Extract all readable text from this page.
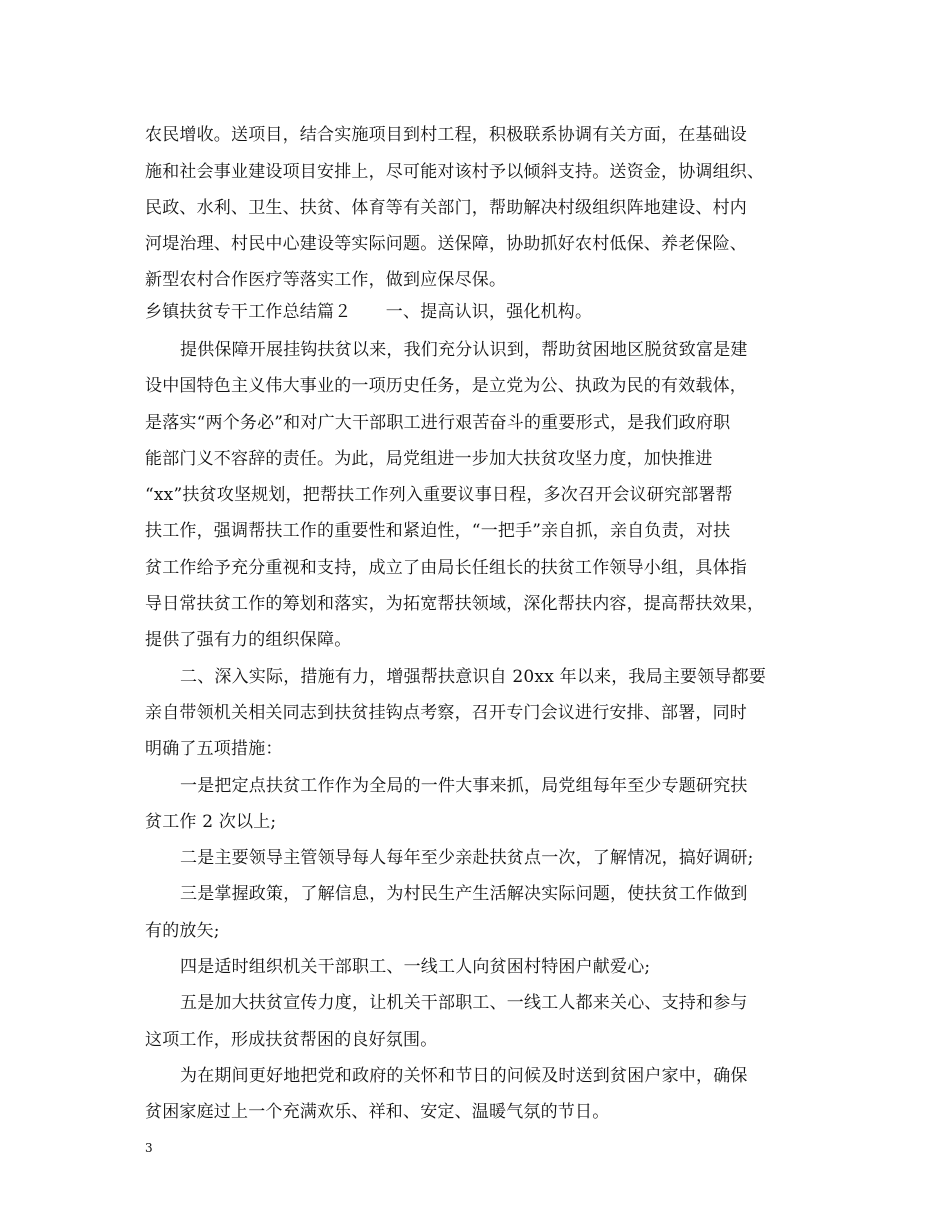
农民增收。送项目，结合实施项目到村工程，积极联系协调有关方面，在基础设
施和社会事业建设项目安排上，尽可能对该村予以倾斜支持。送资金，协调组织、
民政、水利、卫生、扶贫、体育等有关部门，帮助解决村级组织阵地建设、村内
河堤治理、村民中心建设等实际问题。送保障，协助抓好农村低保、养老保险、
新型农村合作医疗等落实工作，做到应保尽保。
乡镇扶贫专干工作总结篇２　　一、提高认识，强化机构。
提供保障开展挂钩扶贫以来，我们充分认识到，帮助贫困地区脱贫致富是建
设中国特色主义伟大事业的一项历史任务，是立党为公、执政为民的有效载体，
是落实“两个务必”和对广大干部职工进行艰苦奋斗的重要形式，是我们政府职
能部门义不容辞的责任。为此，局党组进一步加大扶贫攻坚力度，加快推进
“xx”扶贫攻坚规划，把帮扶工作列入重要议事日程，多次召开会议研究部署帮
扶工作，强调帮扶工作的重要性和紧迫性，“一把手”亲自抓，亲自负责，对扶
贫工作给予充分重视和支持，成立了由局长任组长的扶贫工作领导小组，具体指
导日常扶贫工作的筹划和落实，为拓宽帮扶领域，深化帮扶内容，提高帮扶效果，
提供了强有力的组织保障。
二、深入实际，措施有力，增强帮扶意识自 20xx 年以来，我局主要领导都要
亲自带领机关相关同志到扶贫挂钩点考察，召开专门会议进行安排、部署，同时
明确了五项措施：
一是把定点扶贫工作作为全局的一件大事来抓，局党组每年至少专题研究扶
贫工作 2 次以上;
二是主要领导主管领导每人每年至少亲赴扶贫点一次，了解情况，搞好调研;
三是掌握政策，了解信息，为村民生产生活解决实际问题，使扶贫工作做到
有的放矢;
四是适时组织机关干部职工、一线工人向贫困村特困户献爱心;
五是加大扶贫宣传力度，让机关干部职工、一线工人都来关心、支持和参与
这项工作，形成扶贫帮困的良好氛围。
为在期间更好地把党和政府的关怀和节日的问候及时送到贫困户家中，确保
贫困家庭过上一个充满欢乐、祥和、安定、温暖气氛的节日。
3
